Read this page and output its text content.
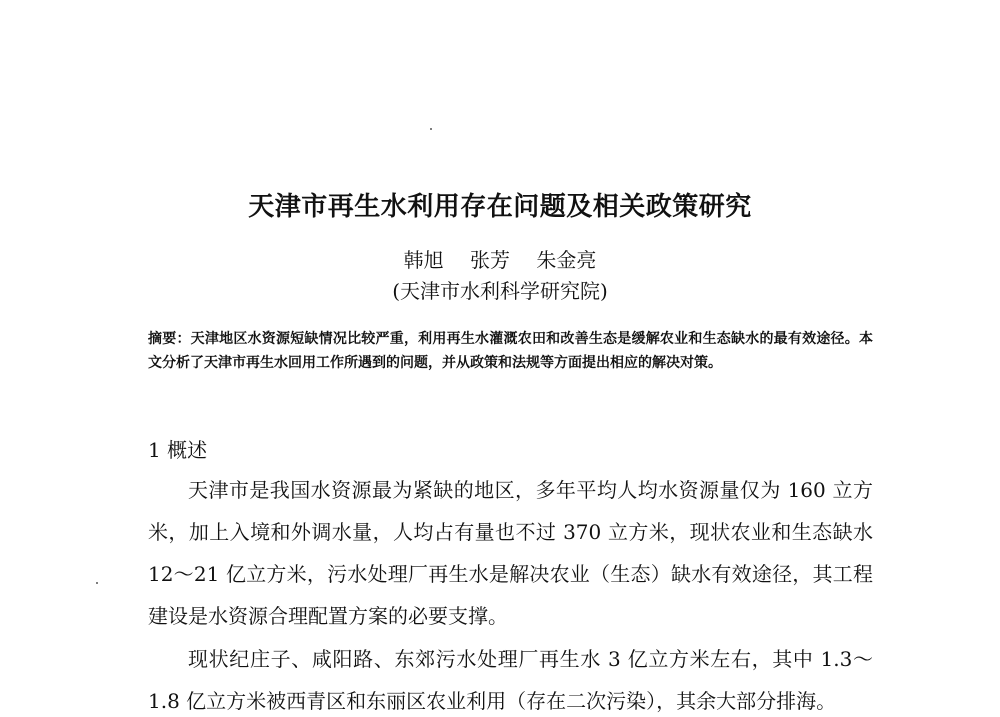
天津市再生水利用存在问题及相关政策研究
韩旭 张芳 朱金亮
(天津市水利科学研究院)
摘要：天津地区水资源短缺情况比较严重，利用再生水灌溉农田和改善生态是缓解农业和生态缺水的最有效途径。本文分析了天津市再生水回用工作所遇到的问题，并从政策和法规等方面提出相应的解决对策。
1 概述

天津市是我国水资源最为紧缺的地区，多年平均人均水资源量仅为 160 立方米，加上入境和外调水量，人均占有量也不过 370 立方米，现状农业和生态缺水 12～21 亿立方米，污水处理厂再生水是解决农业（生态）缺水有效途径，其工程建设是水资源合理配置方案的必要支撑。

现状纪庄子、咸阳路、东郊污水处理厂再生水 3 亿立方米左右，其中 1.3～1.8 亿立方米被西青区和东丽区农业利用（存在二次污染），其余大部分排海。
